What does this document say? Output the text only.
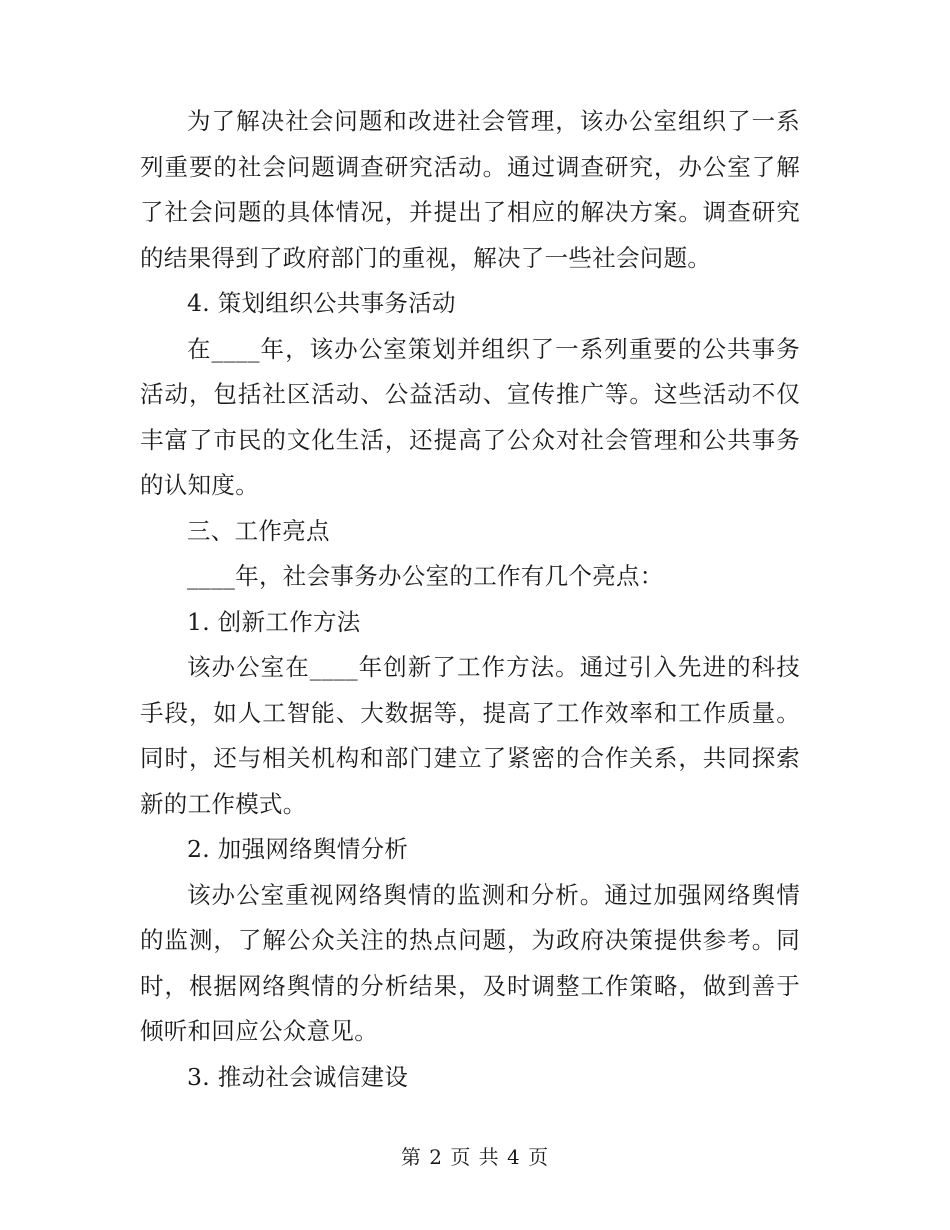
为了解决社会问题和改进社会管理，该办公室组织了一系列重要的社会问题调查研究活动。通过调查研究，办公室了解了社会问题的具体情况，并提出了相应的解决方案。调查研究的结果得到了政府部门的重视，解决了一些社会问题。

4. 策划组织公共事务活动

在____年，该办公室策划并组织了一系列重要的公共事务活动，包括社区活动、公益活动、宣传推广等。这些活动不仅丰富了市民的文化生活，还提高了公众对社会管理和公共事务的认知度。

三、工作亮点

____年，社会事务办公室的工作有几个亮点：

1. 创新工作方法

该办公室在____年创新了工作方法。通过引入先进的科技手段，如人工智能、大数据等，提高了工作效率和工作质量。同时，还与相关机构和部门建立了紧密的合作关系，共同探索新的工作模式。

2. 加强网络舆情分析

该办公室重视网络舆情的监测和分析。通过加强网络舆情的监测，了解公众关注的热点问题，为政府决策提供参考。同时，根据网络舆情的分析结果，及时调整工作策略，做到善于倾听和回应公众意见。

3. 推动社会诚信建设

第 2 页 共 4 页
